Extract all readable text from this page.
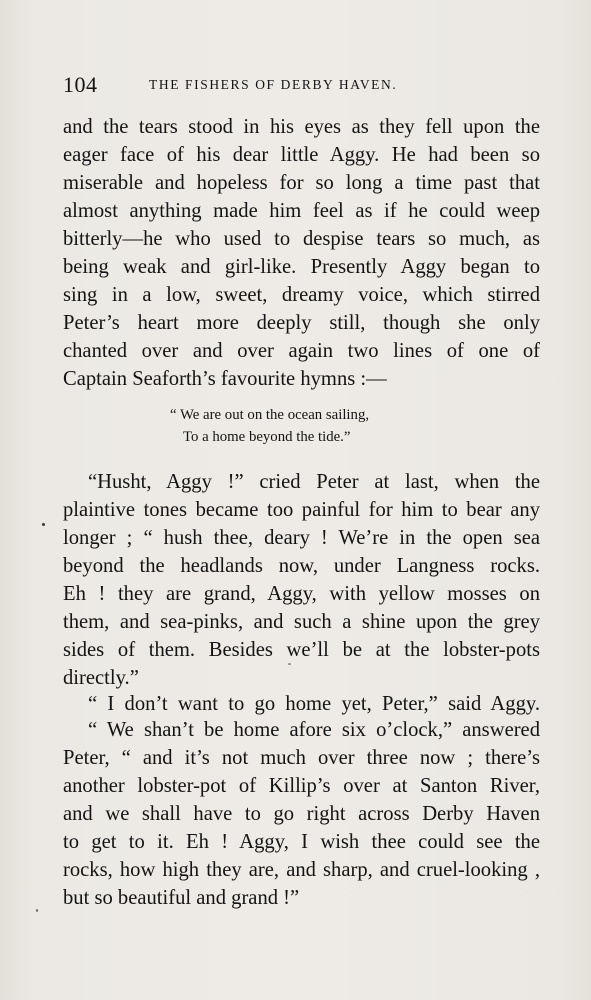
104	THE FISHERS OF DERBY HAVEN.
and the tears stood in his eyes as they fell upon the
eager face of his dear little Aggy. He had been so
miserable and hopeless for so long a time past that
almost anything made him feel as if he could weep
bitterly—he who used to despise tears so much, as
being weak and girl-like. Presently Aggy began to
sing in a low, sweet, dreamy voice, which stirred
Peter’s heart more deeply still, though she only
chanted over and over again two lines of one of
Captain Seaforth’s favourite hymns :—
“ We are out on the ocean sailing,
To a home beyond the tide.”
“Husht, Aggy !” cried Peter at last, when the
plaintive tones became too painful for him to bear any
longer ; “ hush thee, deary ! We’re in the open sea
beyond the headlands now, under Langness rocks.
Eh ! they are grand, Aggy, with yellow mosses on
them, and sea-pinks, and such a shine upon the grey
sides of them. Besides we’ll be at the lobster-pots
directly.”
“ I don’t want to go home yet, Peter,” said Aggy.
“ We shan’t be home afore six o’clock,” answered
Peter, “ and it’s not much over three now ; there’s
another lobster-pot of Killip’s over at Santon River,
and we shall have to go right across Derby Haven
to get to it. Eh ! Aggy, I wish thee could see the
rocks, how high they are, and sharp, and cruel-looking ,
but so beautiful and grand !”
